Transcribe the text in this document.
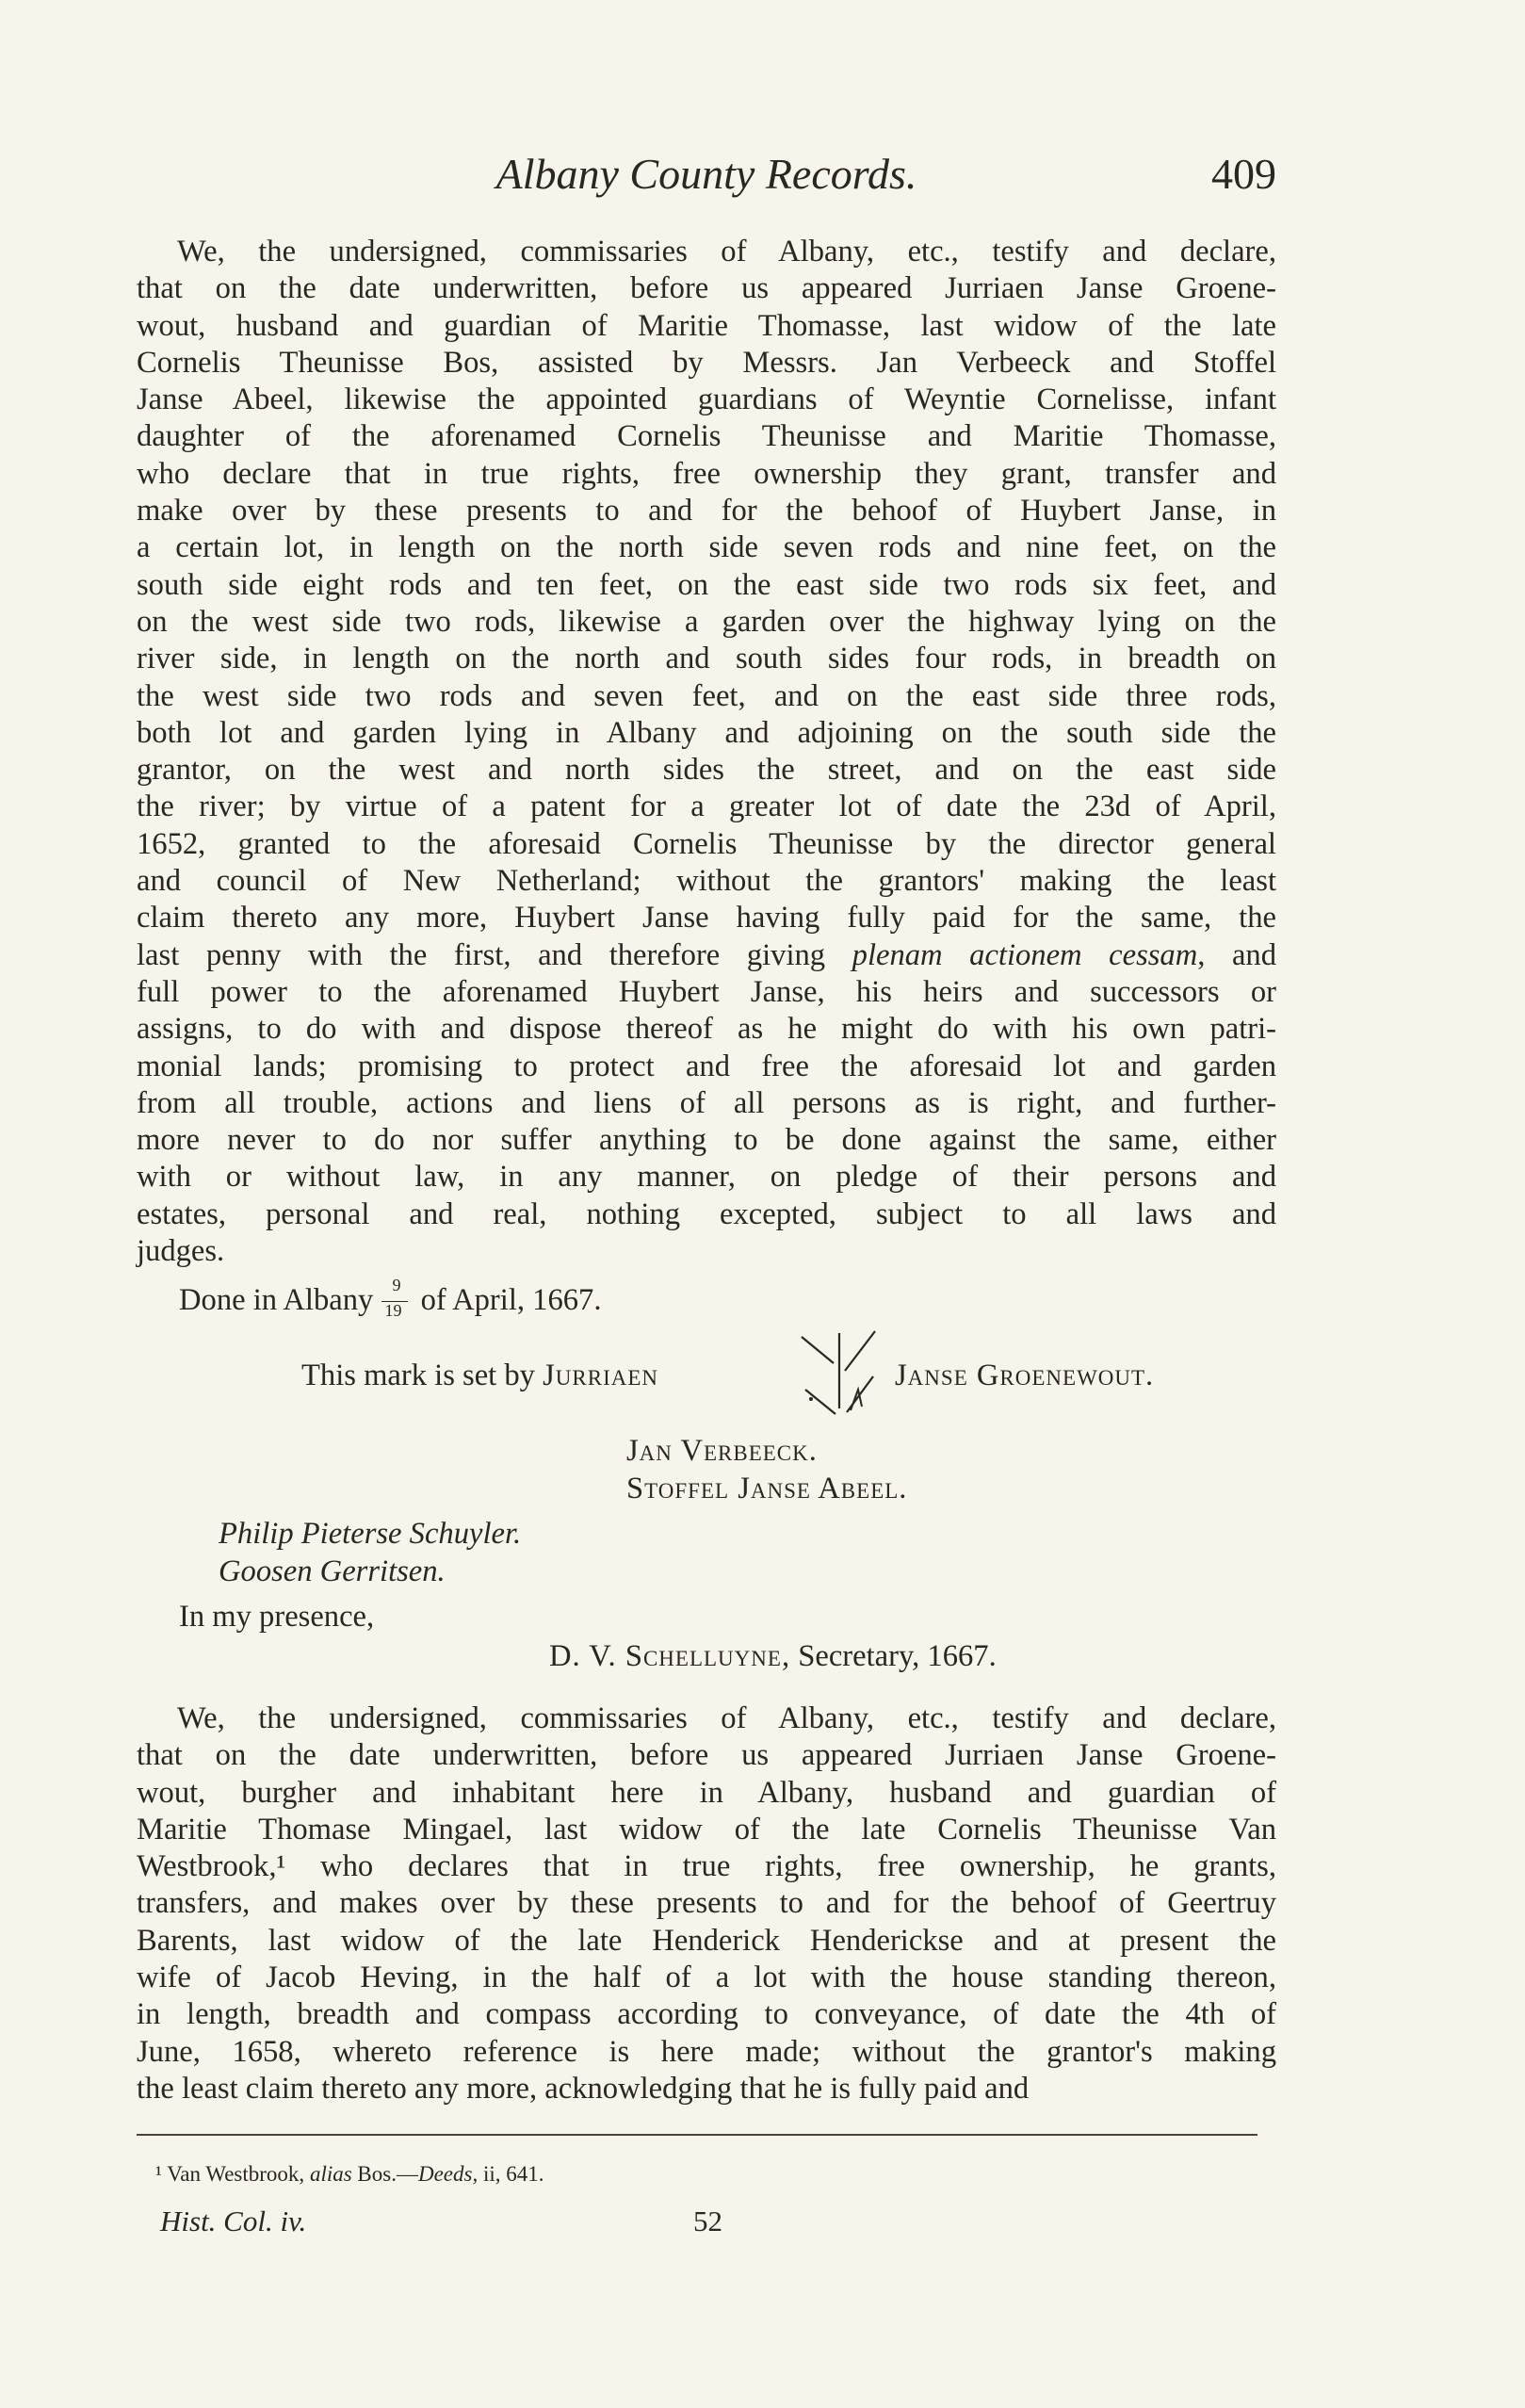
Albany County Records.	409

We, the undersigned, commissaries of Albany, etc., testify and declare,
that on the date underwritten, before us appeared Jurriaen Janse Groene-
wout, husband and guardian of Maritie Thomasse, last widow of the late
Cornelis Theunisse Bos, assisted by Messrs. Jan Verbeeck and Stoffel
Janse Abeel, likewise the appointed guardians of Weyntie Cornelisse, infant
daughter of the aforenamed Cornelis Theunisse and Maritie Thomasse,
who declare that in true rights, free ownership they grant, transfer and
make over by these presents to and for the behoof of Huybert Janse, in
a certain lot, in length on the north side seven rods and nine feet, on the
south side eight rods and ten feet, on the east side two rods six feet, and
on the west side two rods, likewise a garden over the highway lying on the
river side, in length on the north and south sides four rods, in breadth on
the west side two rods and seven feet, and on the east side three rods,
both lot and garden lying in Albany and adjoining on the south side the
grantor, on the west and north sides the street, and on the east side
the river; by virtue of a patent for a greater lot of date the 23d of April,
1652, granted to the aforesaid Cornelis Theunisse by the director general
and council of New Netherland; without the grantors' making the least
claim thereto any more, Huybert Janse having fully paid for the same, the
last penny with the first, and therefore giving plenam actionem cessam, and
full power to the aforenamed Huybert Janse, his heirs and successors or
assigns, to do with and dispose thereof as he might do with his own patri-
monial lands; promising to protect and free the aforesaid lot and garden
from all trouble, actions and liens of all persons as is right, and further-
more never to do nor suffer anything to be done against the same, either
with or without law, in any manner, on pledge of their persons and
estates, personal and real, nothing excepted, subject to all laws and
judges.

Done in Albany $\frac{9}{19}$ of April, 1667.
This mark is set by Jurriaen	Janse Groenewout.
Jan Verbeeck.
Stoffel Janse Abeel.
Philip Pieterse Schuyler.
Goosen Gerritsen.
In my presence,
D. V. Schelluyne, Secretary, 1667.

We, the undersigned, commissaries of Albany, etc., testify and declare,
that on the date underwritten, before us appeared Jurriaen Janse Groene-
wout, burgher and inhabitant here in Albany, husband and guardian of
Maritie Thomase Mingael, last widow of the late Cornelis Theunisse Van
Westbrook,¹ who declares that in true rights, free ownership, he grants,
transfers, and makes over by these presents to and for the behoof of Geertruy
Barents, last widow of the late Henderick Henderickse and at present the
wife of Jacob Heving, in the half of a lot with the house standing thereon,
in length, breadth and compass according to conveyance, of date the 4th of
June, 1658, whereto reference is here made; without the grantor's making
the least claim thereto any more, acknowledging that he is fully paid and

¹ Van Westbrook, alias Bos.—Deeds, ii, 641.
Hist. Col. iv.	52
